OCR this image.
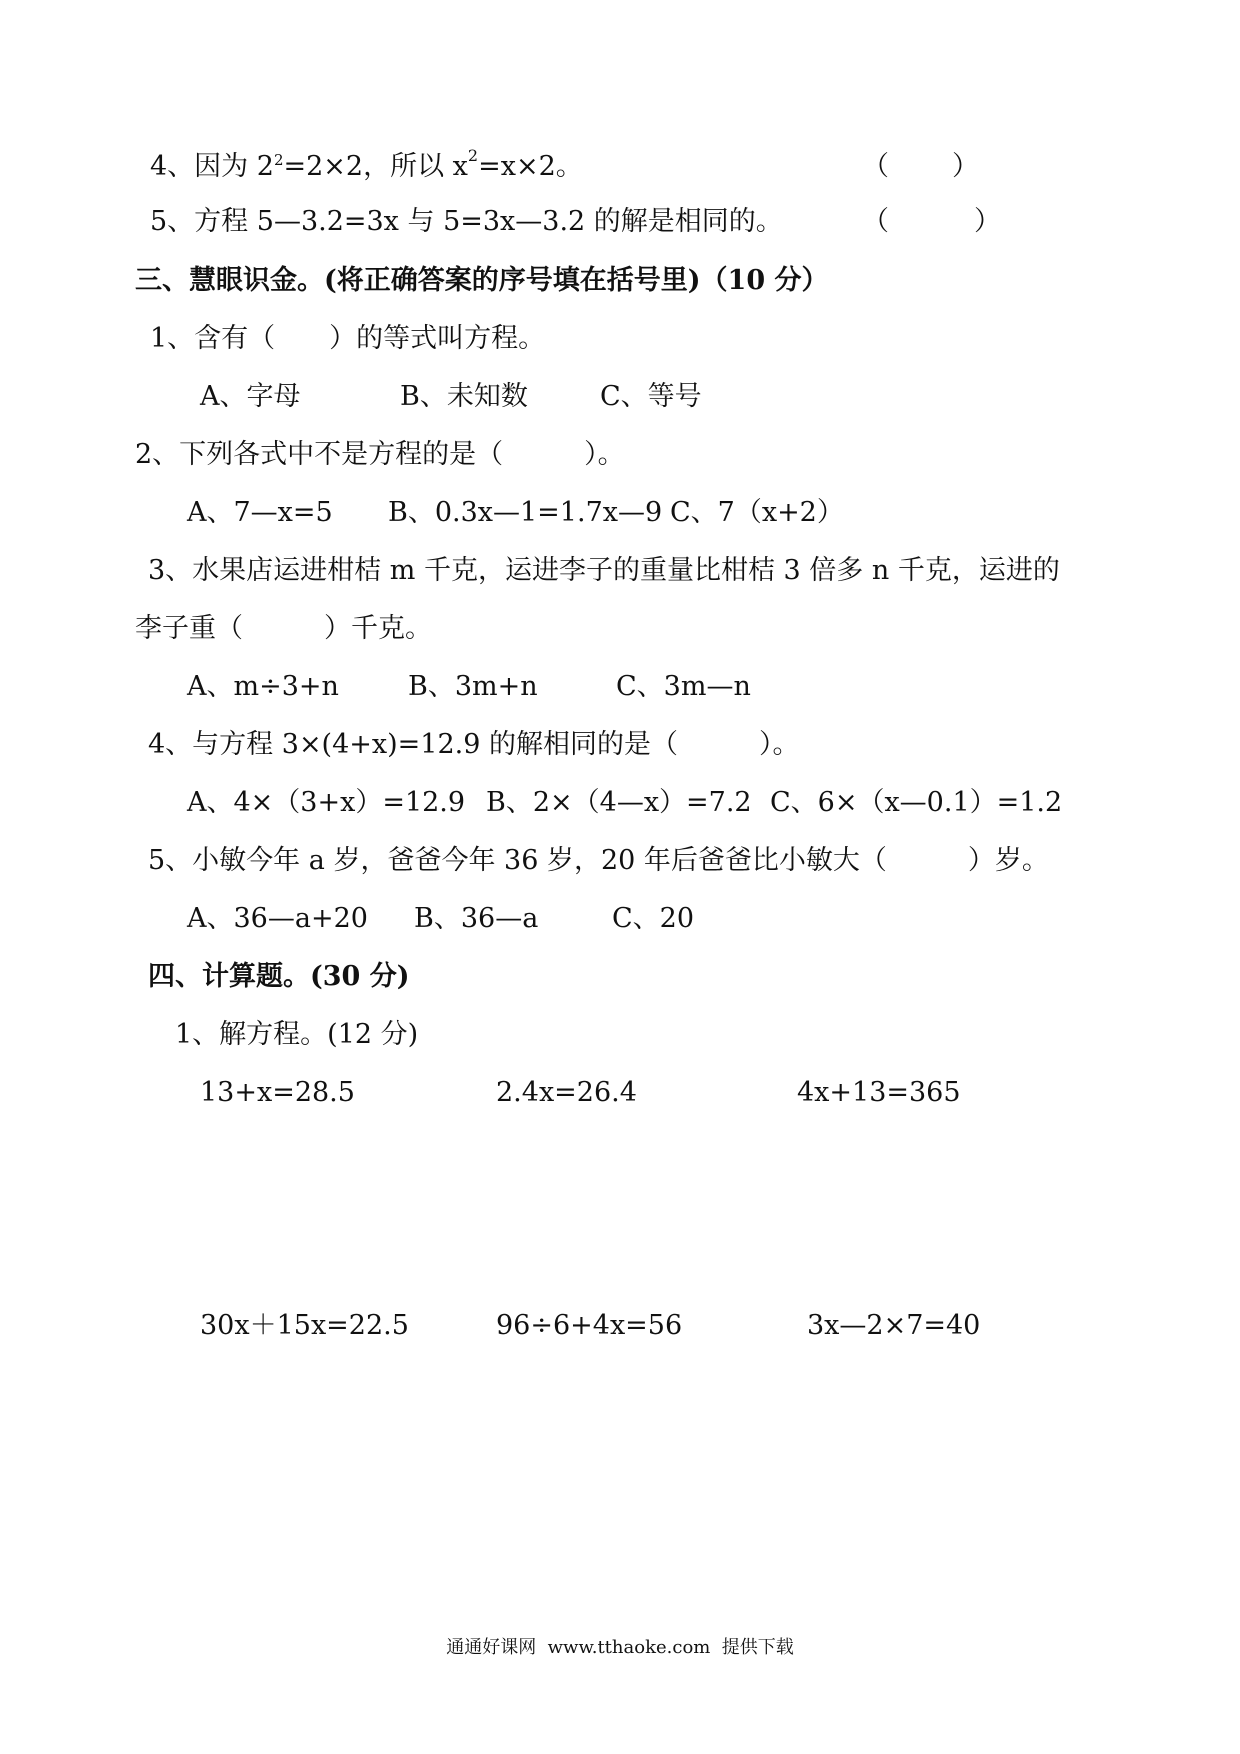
4、因为 $2^2=2\times 2$，所以 $x^2=x\times 2$。	（ ）
5、方程 5—3.2=3x 与 5=3x—3.2 的解是相同的。	（	）
三、慧眼识金。(将正确答案的序号填在括号里)（10 分）
1、含有（　　）的等式叫方程。
A、字母	B、未知数	C、等号
2、下列各式中不是方程的是（　　　）。
A、7—x=5 B、0.3x—1=1.7x—9 C、7（x+2）
3、水果店运进柑桔 m 千克，运进李子的重量比柑桔 3 倍多 n 千克，运进的
李子重（　　　）千克。
A、m÷3+n	B、3m+n	C、3m—n
4、与方程 3×(4+x)=12.9 的解相同的是（　　　）。
A、4×（3+x）=12.9 B、2×（4—x）=7.2 C、6×（x—0.1）=1.2
5、小敏今年 a 岁，爸爸今年 36 岁，20 年后爸爸比小敏大（　　　）岁。
A、36—a+20 B、36—a	C、20
四、计算题。(30 分)
1、解方程。(12 分)
13+x=28.5	2.4x=26.4	4x+13=365
30x＋15x=22.5	96÷6+4x=56	3x—2×7=40
通通好课网  www.tthaoke.com  提供下载
